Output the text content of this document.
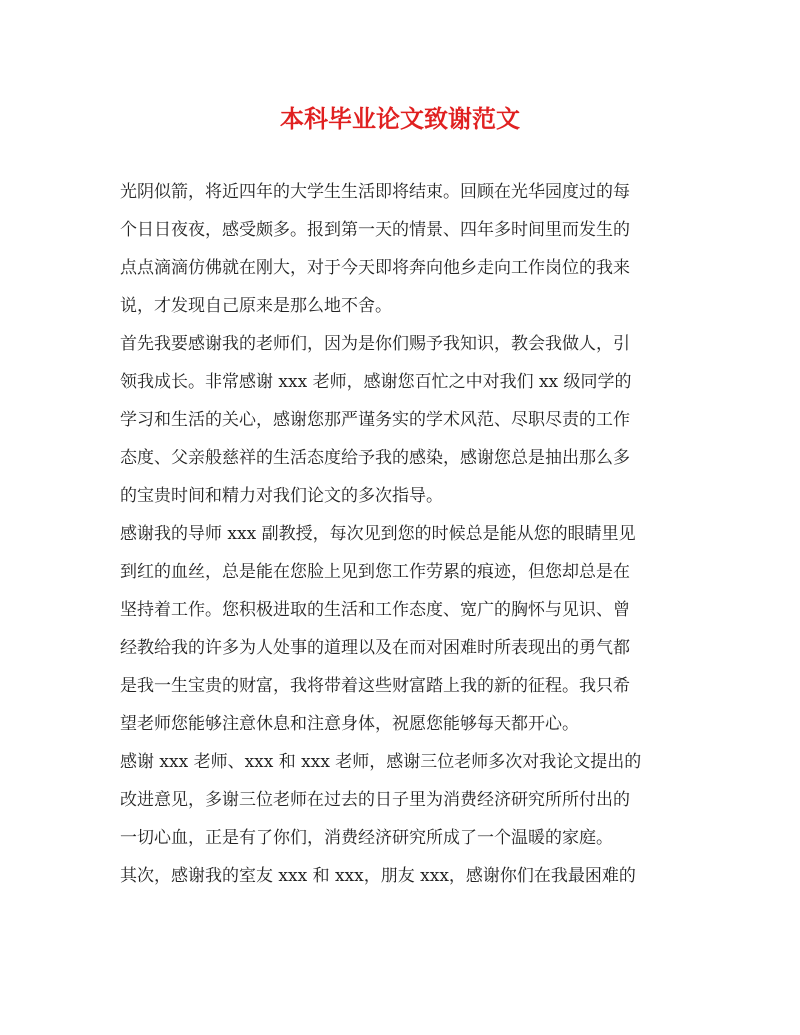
本科毕业论文致谢范文

光阴似箭，将近四年的大学生生活即将结束。回顾在光华园度过的每
个日日夜夜，感受颇多。报到第一天的情景、四年多时间里而发生的
点点滴滴仿佛就在刚大，对于今天即将奔向他乡走向工作岗位的我来
说，才发现自己原来是那么地不舍。

首先我要感谢我的老师们，因为是你们赐予我知识，教会我做人，引
领我成长。非常感谢 xxx 老师，感谢您百忙之中对我们 xx 级同学的
学习和生活的关心，感谢您那严谨务实的学术风范、尽职尽责的工作
态度、父亲般慈祥的生活态度给予我的感染，感谢您总是抽出那么多
的宝贵时间和精力对我们论文的多次指导。

感谢我的导师 xxx 副教授，每次见到您的时候总是能从您的眼睛里见
到红的血丝，总是能在您脸上见到您工作劳累的痕迹，但您却总是在
坚持着工作。您积极进取的生活和工作态度、宽广的胸怀与见识、曾
经教给我的许多为人处事的道理以及在而对困难时所表现出的勇气都
是我一生宝贵的财富，我将带着这些财富踏上我的新的征程。我只希
望老师您能够注意休息和注意身体，祝愿您能够每天都开心。

感谢 xxx 老师、xxx 和 xxx 老师，感谢三位老师多次对我论文提出的
改进意见，多谢三位老师在过去的日子里为消费经济研究所所付出的
一切心血，正是有了你们，消费经济研究所成了一个温暖的家庭。

其次，感谢我的室友 xxx 和 xxx，朋友 xxx，感谢你们在我最困难的
